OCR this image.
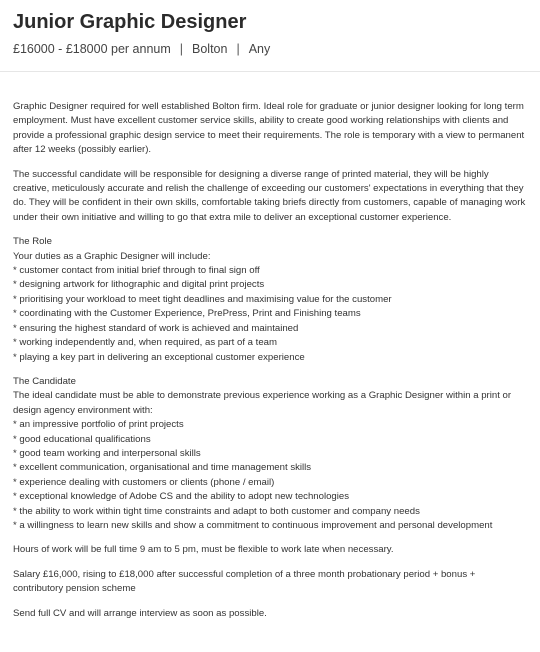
Junior Graphic Designer
£16000 - £18000 per annum | Bolton | Any

Graphic Designer required for well established Bolton firm. Ideal role for graduate or junior designer looking for long term employment. Must have excellent customer service skills, ability to create good working relationships with clients and provide a professional graphic design service to meet their requirements. The role is temporary with a view to permanent after 12 weeks (possibly earlier).

The successful candidate will be responsible for designing a diverse range of printed material, they will be highly creative, meticulously accurate and relish the challenge of exceeding our customers' expectations in everything that they do. They will be confident in their own skills, comfortable taking briefs directly from customers, capable of managing work under their own initiative and willing to go that extra mile to deliver an exceptional customer experience.

The Role

Your duties as a Graphic Designer will include:

* customer contact from initial brief through to final sign off
* designing artwork for lithographic and digital print projects
* prioritising your workload to meet tight deadlines and maximising value for the customer
* coordinating with the Customer Experience, PrePress, Print and Finishing teams
* ensuring the highest standard of work is achieved and maintained
* working independently and, when required, as part of a team
* playing a key part in delivering an exceptional customer experience

The Candidate

The ideal candidate must be able to demonstrate previous experience working as a Graphic Designer within a print or design agency environment with:

* an impressive portfolio of print projects
* good educational qualifications
* good team working and interpersonal skills
* excellent communication, organisational and time management skills
* experience dealing with customers or clients (phone / email)
* exceptional knowledge of Adobe CS and the ability to adopt new technologies
* the ability to work within tight time constraints and adapt to both customer and company needs
* a willingness to learn new skills and show a commitment to continuous improvement and personal development

Hours of work will be full time 9 am to 5 pm, must be flexible to work late when necessary.

Salary £16,000, rising to £18,000 after successful completion of a three month probationary period + bonus + contributory pension scheme

Send full CV and will arrange interview as soon as possible.
